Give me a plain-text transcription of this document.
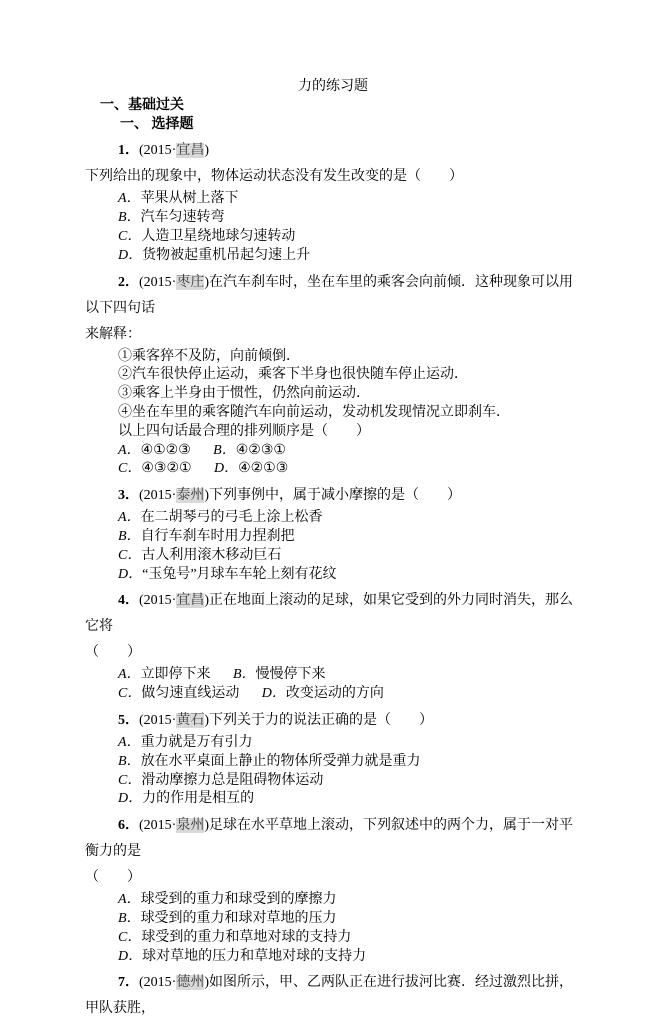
力的练习题
一、基础过关
一、 选择题
1．(2015·宜昌)下列给出的现象中，物体运动状态没有发生改变的是（　　）
A．苹果从树上落下
B．汽车匀速转弯
C．人造卫星绕地球匀速转动
D．货物被起重机吊起匀速上升
2．(2015·枣庄)在汽车刹车时，坐在车里的乘客会向前倾．这种现象可以用以下四句话
来解释：
①乘客猝不及防，向前倾倒．
②汽车很快停止运动，乘客下半身也很快随车停止运动．
③乘客上半身由于惯性，仍然向前运动．
④坐在车里的乘客随汽车向前运动，发动机发现情况立即刹车．
以上四句话最合理的排列顺序是（　　）
A．④①②③ B．④②③①
C．④③②① D．④②①③
3．(2015·泰州)下列事例中，属于减小摩擦的是（　　）
A．在二胡琴弓的弓毛上涂上松香
B．自行车刹车时用力捏刹把
C．古人利用滚木移动巨石
D．“玉兔号”月球车车轮上刻有花纹
4．(2015·宜昌)正在地面上滚动的足球，如果它受到的外力同时消失，那么它将
（　　）
A．立即停下来 B．慢慢停下来
C．做匀速直线运动 D．改变运动的方向
5．(2015·黄石)下列关于力的说法正确的是（　　）
A．重力就是万有引力
B．放在水平桌面上静止的物体所受弹力就是重力
C．滑动摩擦力总是阻碍物体运动
D．力的作用是相互的
6．(2015·泉州)足球在水平草地上滚动，下列叙述中的两个力，属于一对平衡力的是
（　　）
A．球受到的重力和球受到的摩擦力
B．球受到的重力和球对草地的压力
C．球受到的重力和草地对球的支持力
D．球对草地的压力和草地对球的支持力
7．(2015·德州)如图所示，甲、乙两队正在进行拔河比赛．经过激烈比拼，甲队获胜，
